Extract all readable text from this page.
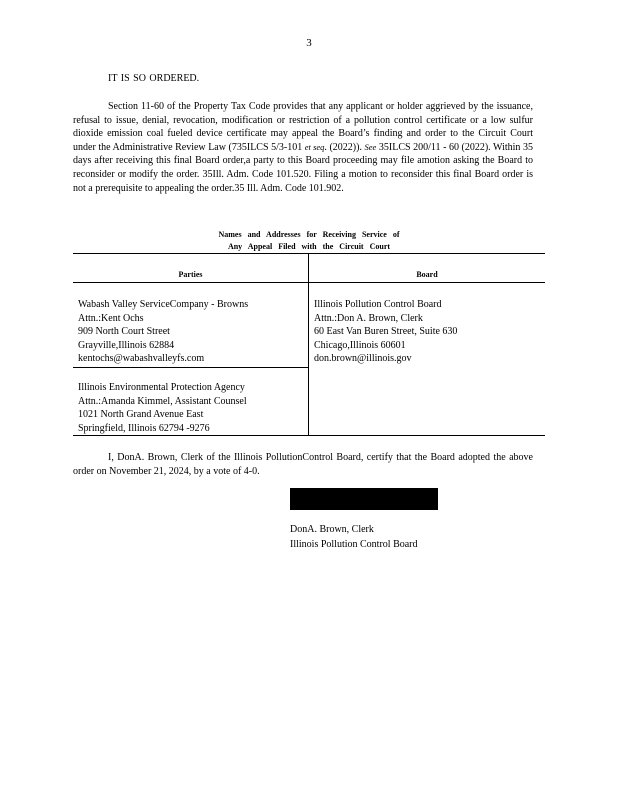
3
IT IS SO ORDERED.

Section 11-60 of the Property Tax Code provides that any applicant or holder aggrieved by the issuance, refusal to issue, denial, revocation, modification or restriction of a pollution control certificate or a low sulfur dioxide emission coal fueled device certificate may appeal the Board’s finding and order to the Circuit Court under the Administrative Review Law (735ILCS 5/3-101 et seq. (2022)). See 35ILCS 200/11 - 60 (2022). Within 35 days after receiving this final Board order,a party to this Board proceeding may file amotion asking the Board to reconsider or modify the order. 35Ill. Adm. Code 101.520. Filing a motion to reconsider this final Board order is not a prerequisite to appealing the order.35 Ill. Adm. Code 101.902.

Names and Addresses for Receiving Service of
Any Appeal Filed with the Circuit Court
Parties	Board
Wabash Valley ServiceCompany - Browns
Attn.:Kent Ochs
909 North Court Street
Grayville,Illinois 62884
kentochs@wabashvalleyfs.com
Illinois Pollution Control Board
Attn.:Don A. Brown, Clerk
60 East Van Buren Street, Suite 630
Chicago,Illinois 60601
don.brown@illinois.gov
Illinois Environmental Protection Agency
Attn.:Amanda Kimmel, Assistant Counsel
1021 North Grand Avenue East
Springfield, Illinois 62794 -9276

I, DonA. Brown, Clerk of the Illinois PollutionControl Board, certify that the Board adopted the above order on November 21, 2024, by a vote of 4-0.

DonA. Brown, Clerk
Illinois Pollution Control Board
